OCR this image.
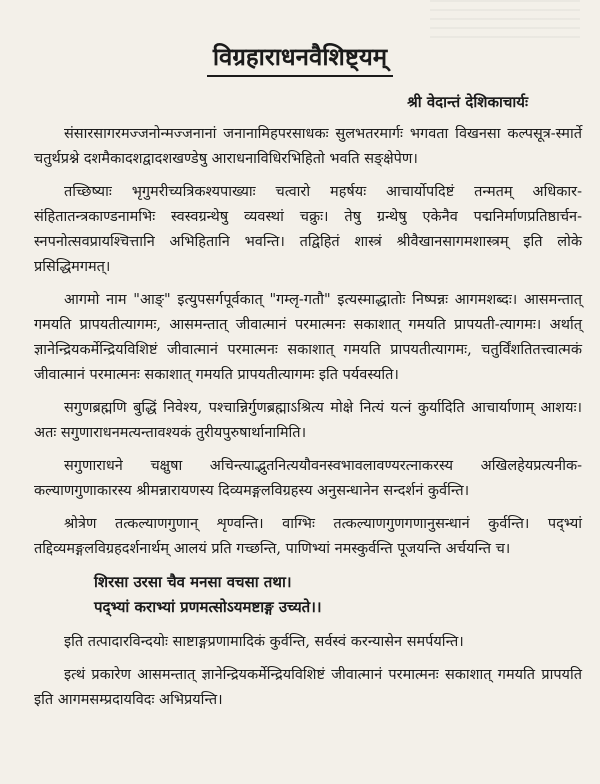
विग्रहाराधनवैशिष्ट्यम्
श्री वेदान्तं देशिकाचार्यः

संसारसागरमज्जनोन्मज्जनानां जनानामिहपरसाधकः सुलभतरमार्गः भगवता विखनसा कल्पसूत्र-स्मार्ते चतुर्थप्रश्ने दशमैकादशद्वादशखण्डेषु आराधनाविधिरभिहितो भवति सङ्क्षेपेण।

तच्छिष्याः भृगुमरीच्यत्रिकश्यपाख्याः चत्वारो महर्षयः आचार्योपदिष्टं तन्मतम् अधिकार-संहितातन्त्रकाण्डनामभिः स्वस्वग्रन्थेषु व्यवस्थां चक्रुः। तेषु ग्रन्थेषु एकेनैव पद्मनिर्माणप्रतिष्ठार्चन-स्नपनोत्सवप्रायश्चित्तानि अभिहितानि भवन्ति। तद्विहितं शास्त्रं श्रीवैखानसागमशास्त्रम् इति लोके प्रसिद्धिमगमत्।

आगमो नाम "आङ्" इत्युपसर्गपूर्वकात् "गम्लृ-गतौ" इत्यस्माद्धातोः निष्पन्नः आगमशब्दः। आसमन्तात् गमयति प्रापयतीत्यागमः, आसमन्तात् जीवात्मानं परमात्मनः सकाशात् गमयति प्रापयती-त्यागमः। अर्थात् ज्ञानेन्द्रियकर्मेन्द्रियविशिष्टं जीवात्मानं परमात्मनः सकाशात् गमयति प्रापयतीत्यागमः, चतुर्विंशतितत्त्वात्मकं जीवात्मानं परमात्मनः सकाशात् गमयति प्रापयतीत्यागमः इति पर्यवस्यति।

सगुणब्रह्मणि बुद्धिं निवेश्य, पश्चान्निर्गुणब्रह्माऽश्रित्य मोक्षे नित्यं यत्नं कुर्यादिति आचार्याणाम् आशयः। अतः सगुणाराधनमत्यन्तावश्यकं तुरीयपुरुषार्थानामिति।

सगुणाराधने चक्षुषा अचिन्त्याद्भुतनित्ययौवनस्वभावलावण्यरत्नाकरस्य अखिलहेयप्रत्यनीक-कल्याणगुणाकारस्य श्रीमन्नारायणस्य दिव्यमङ्गलविग्रहस्य अनुसन्धानेन सन्दर्शनं कुर्वन्ति।

श्रोत्रेण तत्कल्याणगुणान् शृण्वन्ति। वाग्भिः तत्कल्याणगुणगणानुसन्धानं कुर्वन्ति। पद्भ्यां तद्दिव्यमङ्गलविग्रहदर्शनार्थम् आलयं प्रति गच्छन्ति, पाणिभ्यां नमस्कुर्वन्ति पूजयन्ति अर्चयन्ति च।

शिरसा उरसा चैव मनसा वचसा तथा।
पद्भ्यां कराभ्यां प्रणमत्सोऽयमष्टाङ्ग उच्यते।।

इति तत्पादारविन्दयोः साष्टाङ्गप्रणामादिकं कुर्वन्ति, सर्वस्वं करन्यासेन समर्पयन्ति।

इत्थं प्रकारेण आसमन्तात् ज्ञानेन्द्रियकर्मेन्द्रियविशिष्टं जीवात्मानं परमात्मनः सकाशात् गमयति प्रापयति इति आगमसम्प्रदायविदः अभिप्रयन्ति।
